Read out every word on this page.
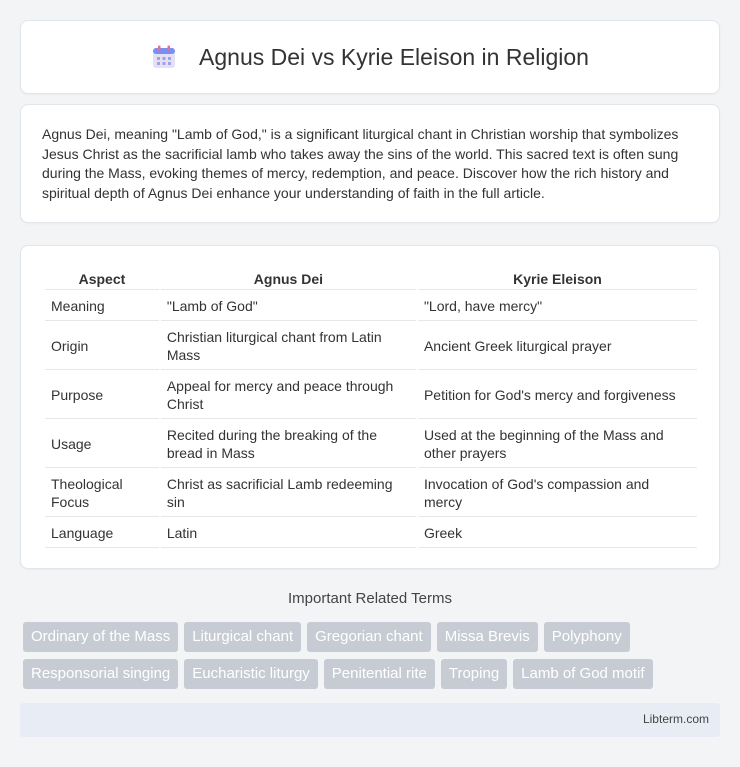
Agnus Dei vs Kyrie Eleison in Religion

Agnus Dei, meaning "Lamb of God," is a significant liturgical chant in Christian worship that symbolizes Jesus Christ as the sacrificial lamb who takes away the sins of the world. This sacred text is often sung during the Mass, evoking themes of mercy, redemption, and peace. Discover how the rich history and spiritual depth of Agnus Dei enhance your understanding of faith in the full article.

Aspect	Agnus Dei	Kyrie Eleison
Meaning	"Lamb of God"	"Lord, have mercy"
Origin	Christian liturgical chant from Latin Mass	Ancient Greek liturgical prayer
Purpose	Appeal for mercy and peace through Christ	Petition for God's mercy and forgiveness
Usage	Recited during the breaking of the bread in Mass	Used at the beginning of the Mass and other prayers
Theological Focus	Christ as sacrificial Lamb redeeming sin	Invocation of God's compassion and mercy
Language	Latin	Greek
Important Related Terms
Ordinary of the Mass	Liturgical chant	Gregorian chant	Missa Brevis	Polyphony
Responsorial singing	Eucharistic liturgy	Penitential rite	Troping	Lamb of God motif
Libterm.com
